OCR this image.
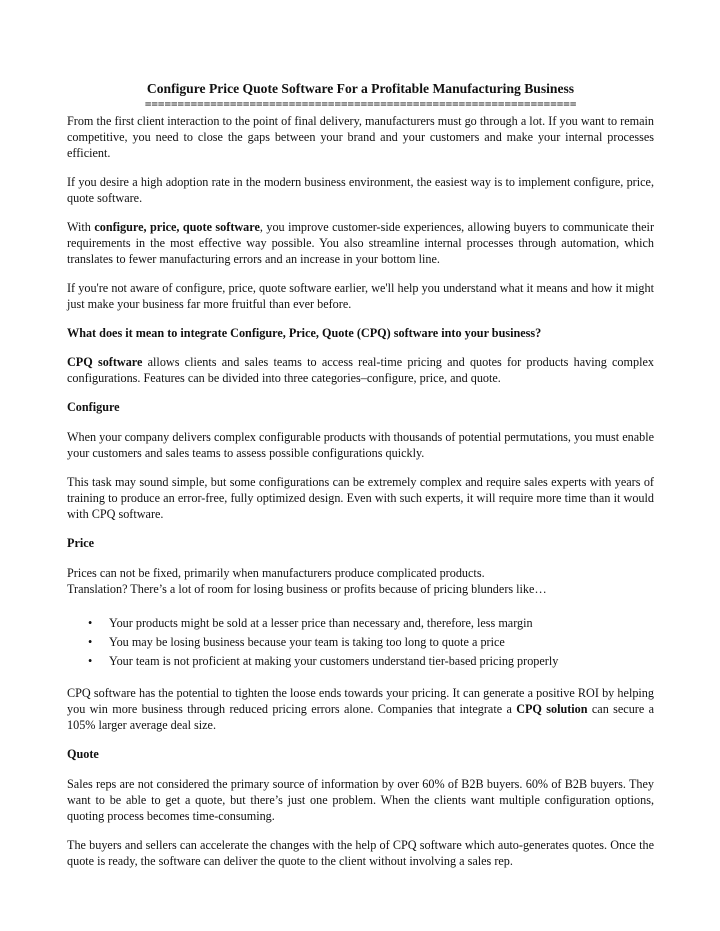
Configure Price Quote Software For a Profitable Manufacturing Business
==================================================================

From the first client interaction to the point of final delivery, manufacturers must go through a lot. If you want to remain competitive, you need to close the gaps between your brand and your customers and make your internal processes efficient.

If you desire a high adoption rate in the modern business environment, the easiest way is to implement configure, price, quote software.

With configure, price, quote software, you improve customer-side experiences, allowing buyers to communicate their requirements in the most effective way possible. You also streamline internal processes through automation, which translates to fewer manufacturing errors and an increase in your bottom line.

If you're not aware of configure, price, quote software earlier, we'll help you understand what it means and how it might just make your business far more fruitful than ever before.

What does it mean to integrate Configure, Price, Quote (CPQ) software into your business?

CPQ software allows clients and sales teams to access real-time pricing and quotes for products having complex configurations. Features can be divided into three categories–configure, price, and quote.

Configure

When your company delivers complex configurable products with thousands of potential permutations, you must enable your customers and sales teams to assess possible configurations quickly.

This task may sound simple, but some configurations can be extremely complex and require sales experts with years of training to produce an error-free, fully optimized design. Even with such experts, it will require more time than it would with CPQ software.

Price

Prices can not be fixed, primarily when manufacturers produce complicated products.
Translation? There’s a lot of room for losing business or profits because of pricing blunders like…

• Your products might be sold at a lesser price than necessary and, therefore, less margin
• You may be losing business because your team is taking too long to quote a price
• Your team is not proficient at making your customers understand tier-based pricing properly

CPQ software has the potential to tighten the loose ends towards your pricing. It can generate a positive ROI by helping you win more business through reduced pricing errors alone. Companies that integrate a CPQ solution can secure a 105% larger average deal size.

Quote

Sales reps are not considered the primary source of information by over 60% of B2B buyers. 60% of B2B buyers. They want to be able to get a quote, but there’s just one problem. When the clients want multiple configuration options, quoting process becomes time-consuming.

The buyers and sellers can accelerate the changes with the help of CPQ software which auto-generates quotes. Once the quote is ready, the software can deliver the quote to the client without involving a sales rep.
